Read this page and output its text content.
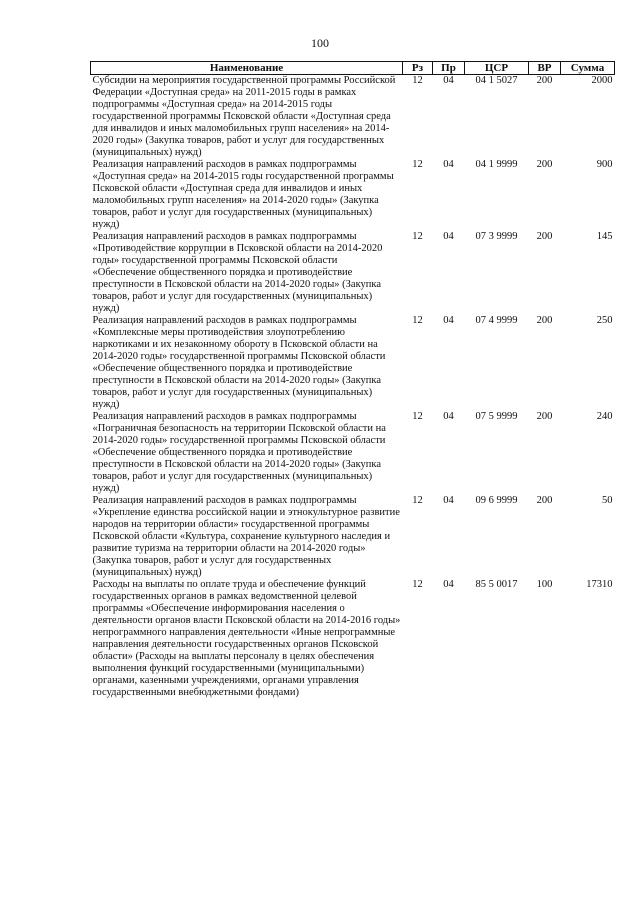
100
Наименование	Рз	Пр	ЦСР	ВР	Сумма
Субсидии на мероприятия государственной программы Российской Федерации «Доступная среда» на 2011-2015 годы в рамках подпрограммы «Доступная среда» на 2014-2015 годы государственной программы Псковской области «Доступная среда для инвалидов и иных маломобильных групп населения» на 2014-2020 годы» (Закупка товаров, работ и услуг для государственных (муниципальных) нужд)	12	04	04 1 5027	200	2000
Реализация направлений расходов в рамках подпрограммы «Доступная среда» на 2014-2015 годы государственной программы Псковской области «Доступная среда для инвалидов и иных маломобильных групп населения» на 2014-2020 годы» (Закупка товаров, работ и услуг для государственных (муниципальных) нужд)	12	04	04 1 9999	200	900
Реализация направлений расходов в рамках подпрограммы «Противодействие коррупции в Псковской области на 2014-2020 годы» государственной программы Псковской области «Обеспечение общественного порядка и противодействие преступности в Псковской области на 2014-2020 годы» (Закупка товаров, работ и услуг для государственных (муниципальных) нужд)	12	04	07 3 9999	200	145
Реализация направлений расходов в рамках подпрограммы «Комплексные меры противодействия злоупотреблению наркотиками и их незаконному обороту в Псковской области на 2014-2020 годы» государственной программы Псковской области «Обеспечение общественного порядка и противодействие преступности в Псковской области на 2014-2020 годы» (Закупка товаров, работ и услуг для государственных (муниципальных) нужд)	12	04	07 4 9999	200	250
Реализация направлений расходов в рамках подпрограммы «Пограничная безопасность на территории Псковской области на 2014-2020 годы» государственной программы Псковской области «Обеспечение общественного порядка и противодействие преступности в Псковской области на 2014-2020 годы» (Закупка товаров, работ и услуг для государственных (муниципальных) нужд)	12	04	07 5 9999	200	240
Реализация направлений расходов в рамках подпрограммы «Укрепление единства российской нации и этнокультурное развитие народов на территории области» государственной программы Псковской области «Культура, сохранение культурного наследия и развитие туризма на территории области на 2014-2020 годы» (Закупка товаров, работ и услуг для государственных (муниципальных) нужд)	12	04	09 6 9999	200	50
Расходы на выплаты по оплате труда и обеспечение функций государственных органов в рамках ведомственной целевой программы «Обеспечение информирования населения о деятельности органов власти Псковской области на 2014-2016 годы» непрограммного направления деятельности «Иные непрограммные направления деятельности государственных органов Псковской области» (Расходы на выплаты персоналу в целях обеспечения выполнения функций государственными (муниципальными) органами, казенными учреждениями, органами управления государственными внебюджетными фондами)	12	04	85 5 0017	100	17310
